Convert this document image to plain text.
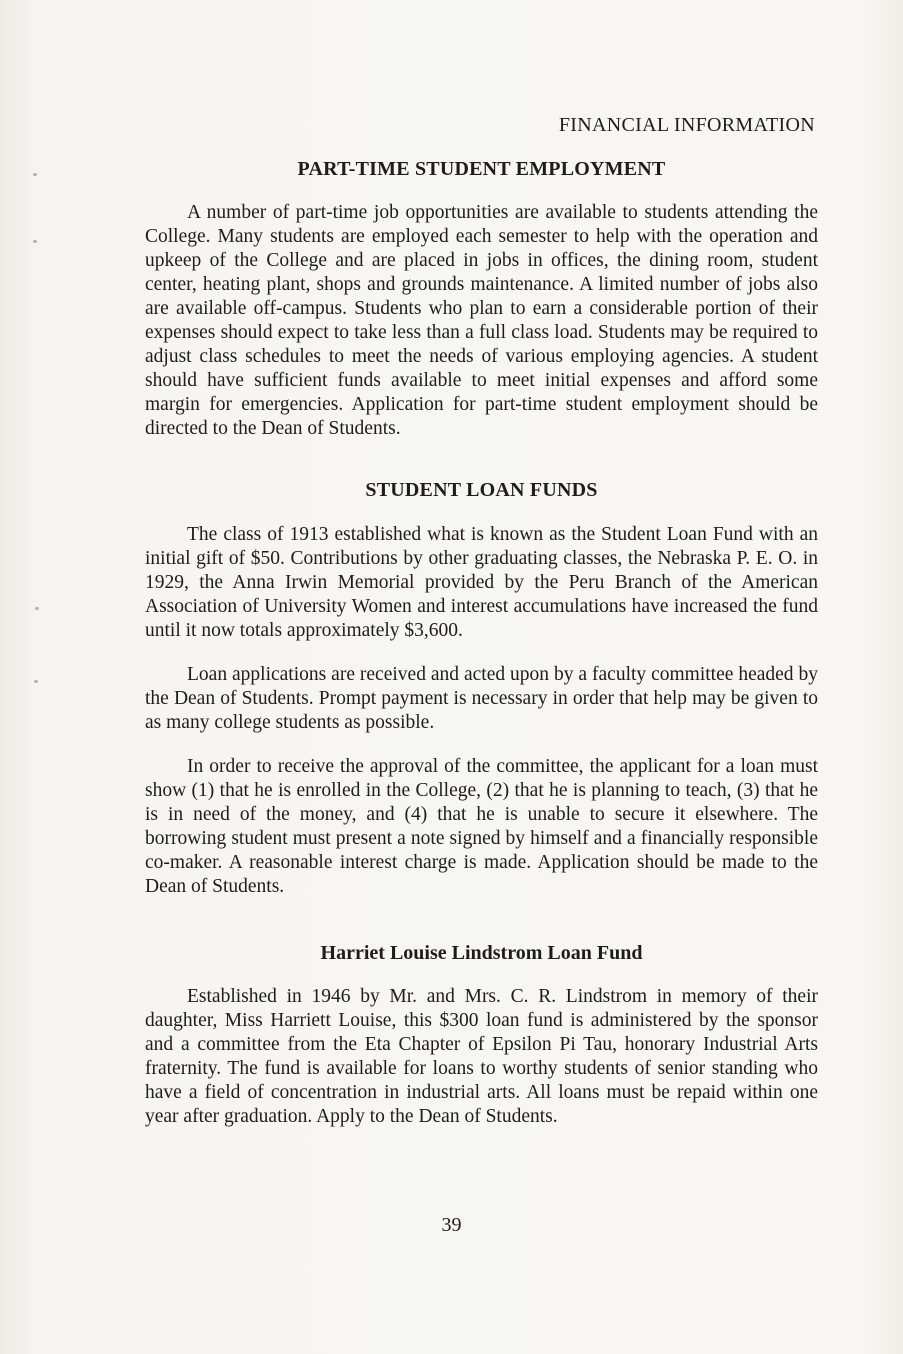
FINANCIAL INFORMATION
PART-TIME STUDENT EMPLOYMENT

A number of part-time job opportunities are available to students attending the College. Many students are employed each semester to help with the operation and upkeep of the College and are placed in jobs in offices, the dining room, student center, heating plant, shops and grounds maintenance. A limited number of jobs also are available off-campus. Students who plan to earn a considerable portion of their expenses should expect to take less than a full class load. Students may be required to adjust class schedules to meet the needs of various employing agencies. A student should have sufficient funds available to meet initial expenses and afford some margin for emergencies. Application for part-time student employment should be directed to the Dean of Students.

STUDENT LOAN FUNDS

The class of 1913 established what is known as the Student Loan Fund with an initial gift of $50. Contributions by other graduating classes, the Nebraska P. E. O. in 1929, the Anna Irwin Memorial provided by the Peru Branch of the American Association of University Women and interest accumulations have increased the fund until it now totals approximately $3,600.

Loan applications are received and acted upon by a faculty committee headed by the Dean of Students. Prompt payment is necessary in order that help may be given to as many college students as possible.

In order to receive the approval of the committee, the applicant for a loan must show (1) that he is enrolled in the College, (2) that he is planning to teach, (3) that he is in need of the money, and (4) that he is unable to secure it elsewhere. The borrowing student must present a note signed by himself and a financially responsible co-maker. A reasonable interest charge is made. Application should be made to the Dean of Students.

Harriet Louise Lindstrom Loan Fund

Established in 1946 by Mr. and Mrs. C. R. Lindstrom in memory of their daughter, Miss Harriett Louise, this $300 loan fund is administered by the sponsor and a committee from the Eta Chapter of Epsilon Pi Tau, honorary Industrial Arts fraternity. The fund is available for loans to worthy students of senior standing who have a field of concentration in industrial arts. All loans must be repaid within one year after graduation. Apply to the Dean of Students.

39
